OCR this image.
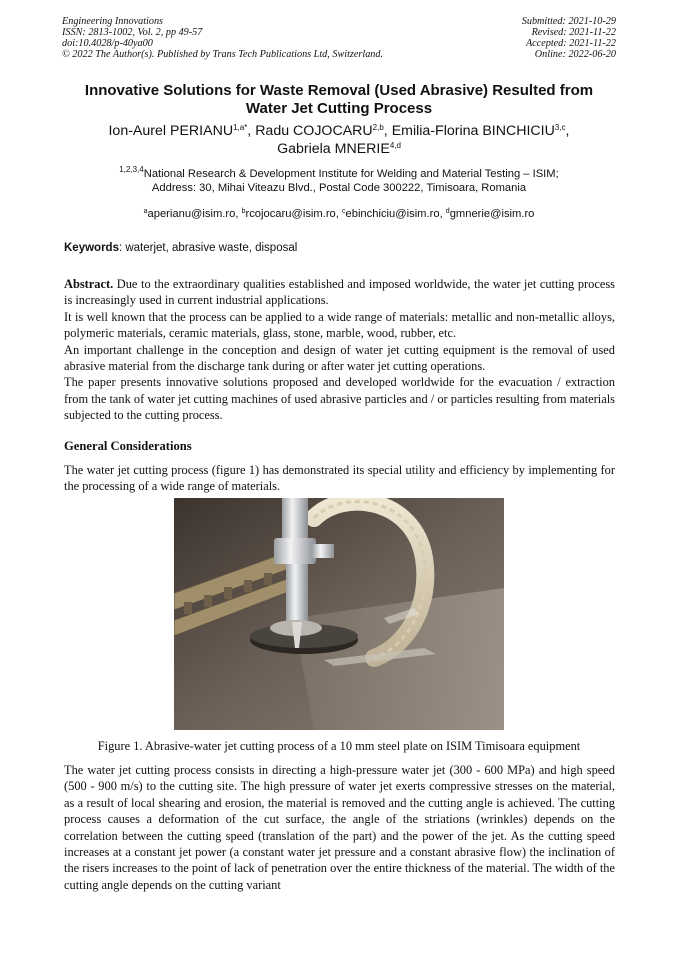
Engineering Innovations
ISSN: 2813-1002, Vol. 2, pp 49-57
doi:10.4028/p-40ya00
© 2022 The Author(s). Published by Trans Tech Publications Ltd, Switzerland.
Submitted: 2021-10-29
Revised: 2021-11-22
Accepted: 2021-11-22
Online: 2022-06-20
Innovative Solutions for Waste Removal (Used Abrasive) Resulted from
Water Jet Cutting Process
Ion-Aurel $PERIANU^{1,a*}$, Radu COJOCARU$^{2,b}$, Emilia-Florina BINCHICIU$^{3,c}$,
Gabriela MNERIE$^{4,d}$
$^{1,2,3,4}$National Research & Development Institute for Welding and Material Testing – ISIM;
Address: 30, Mihai Viteazu Blvd., Postal Code 300222, Timisoara, Romania
$^a$aperianu@isim.ro, $^b$rcojocaru@isim.ro, $^c$ebinchiciu@isim.ro, $^d$gmnerie@isim.ro
Keywords: waterjet, abrasive waste, disposal

Abstract. Due to the extraordinary qualities established and imposed worldwide, the water jet cutting process is increasingly used in current industrial applications.

It is well known that the process can be applied to a wide range of materials: metallic and non-metallic alloys, polymeric materials, ceramic materials, glass, stone, marble, wood, rubber, etc.

An important challenge in the conception and design of water jet cutting equipment is the removal of used abrasive material from the discharge tank during or after water jet cutting operations.

The paper presents innovative solutions proposed and developed worldwide for the evacuation / extraction from the tank of water jet cutting machines of used abrasive particles and / or particles resulting from materials subjected to the cutting process.

General Considerations
The water jet cutting process (figure 1) has demonstrated its special utility and efficiency by implementing for the processing of a wide range of materials.
Figure 1. Abrasive-water jet cutting process of a 10 mm steel plate on ISIM Timisoara equipment
The water jet cutting process consists in directing a high-pressure water jet (300 - 600 MPa) and high speed (500 - 900 m/s) to the cutting site. The high pressure of water jet exerts compressive stresses on the material, as a result of local shearing and erosion, the material is removed and the cutting angle is achieved. The cutting process causes a deformation of the cut surface, the angle of the striations (wrinkles) depends on the correlation between the cutting speed (translation of the part) and the power of the jet. As the cutting speed increases at a constant jet power (a constant water jet pressure and a constant abrasive flow) the inclination of the risers increases to the point of lack of penetration over the entire thickness of the material. The width of the cutting angle depends on the cutting variant
